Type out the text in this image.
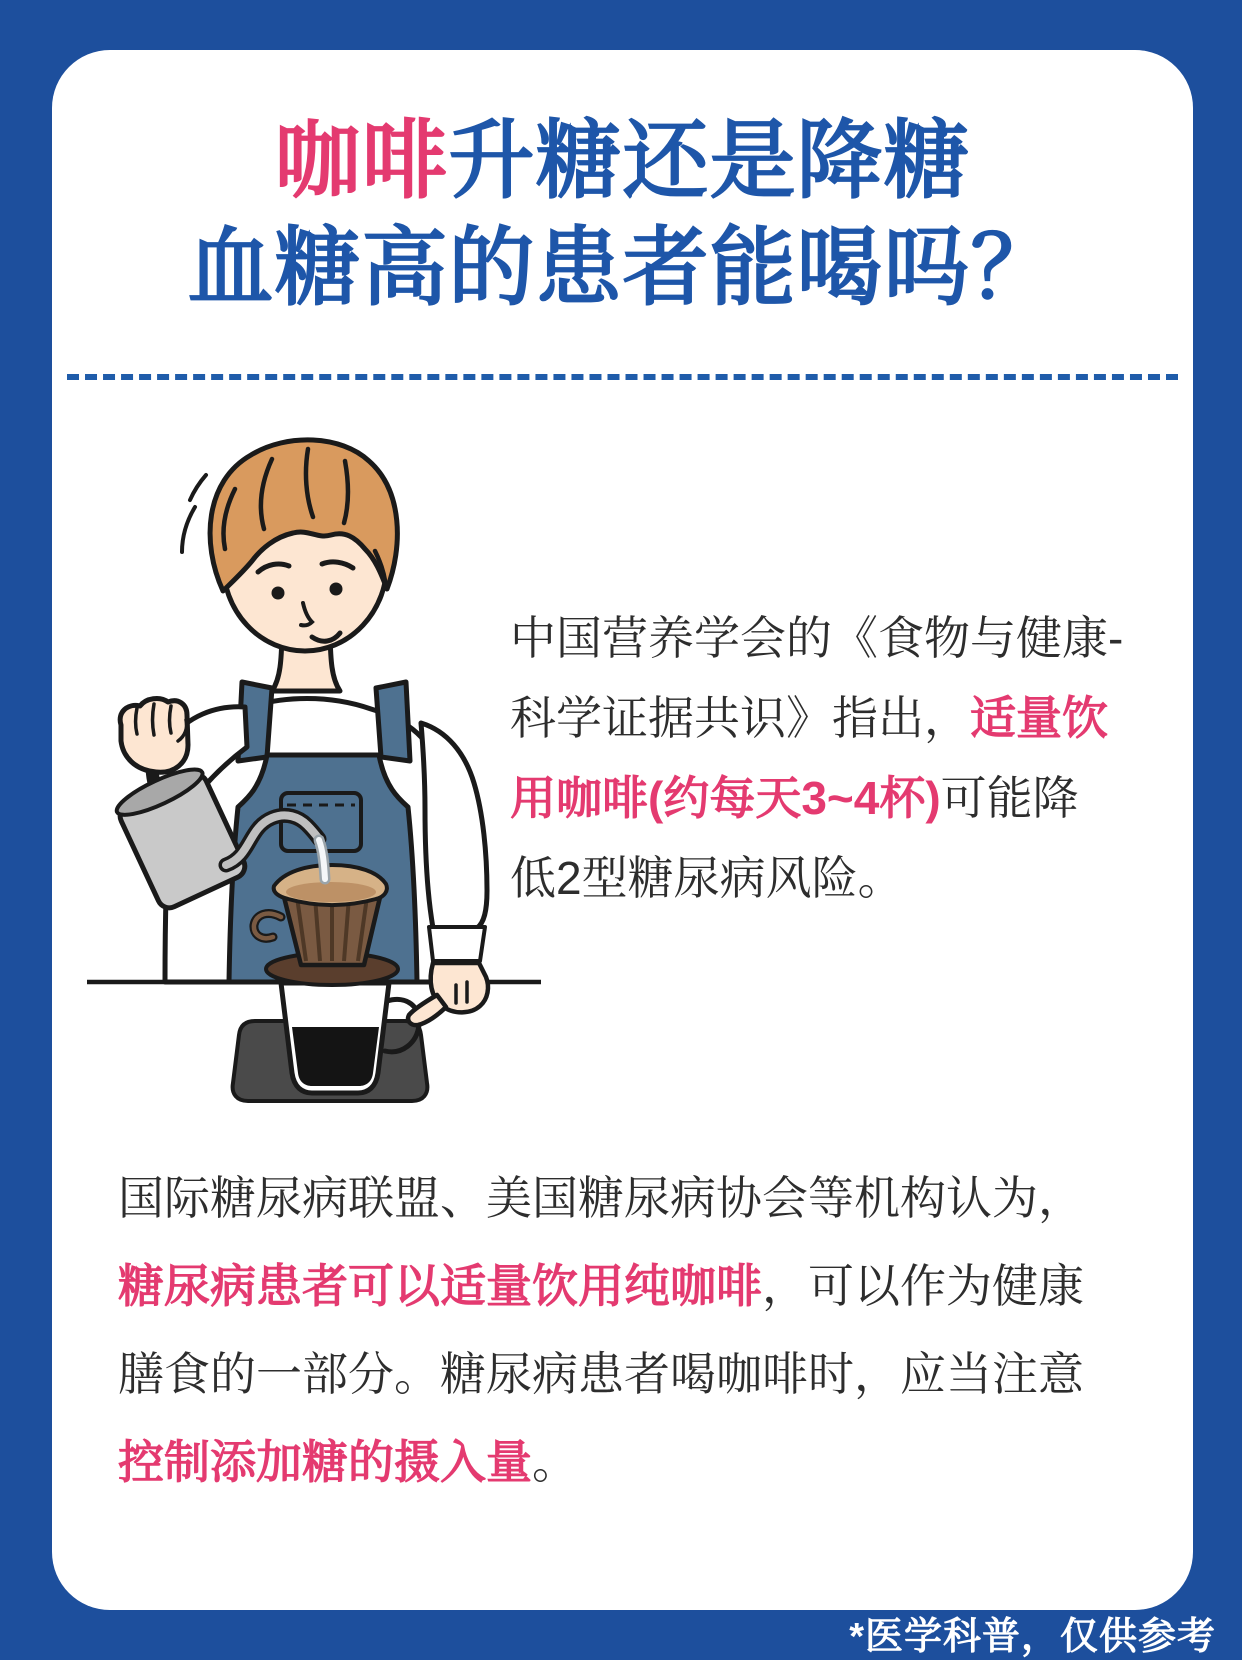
咖啡升糖还是降糖
血糖高的患者能喝吗？
中国营养学会的《食物与健康-
科学证据共识》指出，适量饮
用咖啡(约每天3~4杯)可能降
低2型糖尿病风险。
国际糖尿病联盟、美国糖尿病协会等机构认为，
糖尿病患者可以适量饮用纯咖啡，可以作为健康
膳食的一部分。糖尿病患者喝咖啡时，应当注意
控制添加糖的摄入量。
*医学科普，仅供参考
